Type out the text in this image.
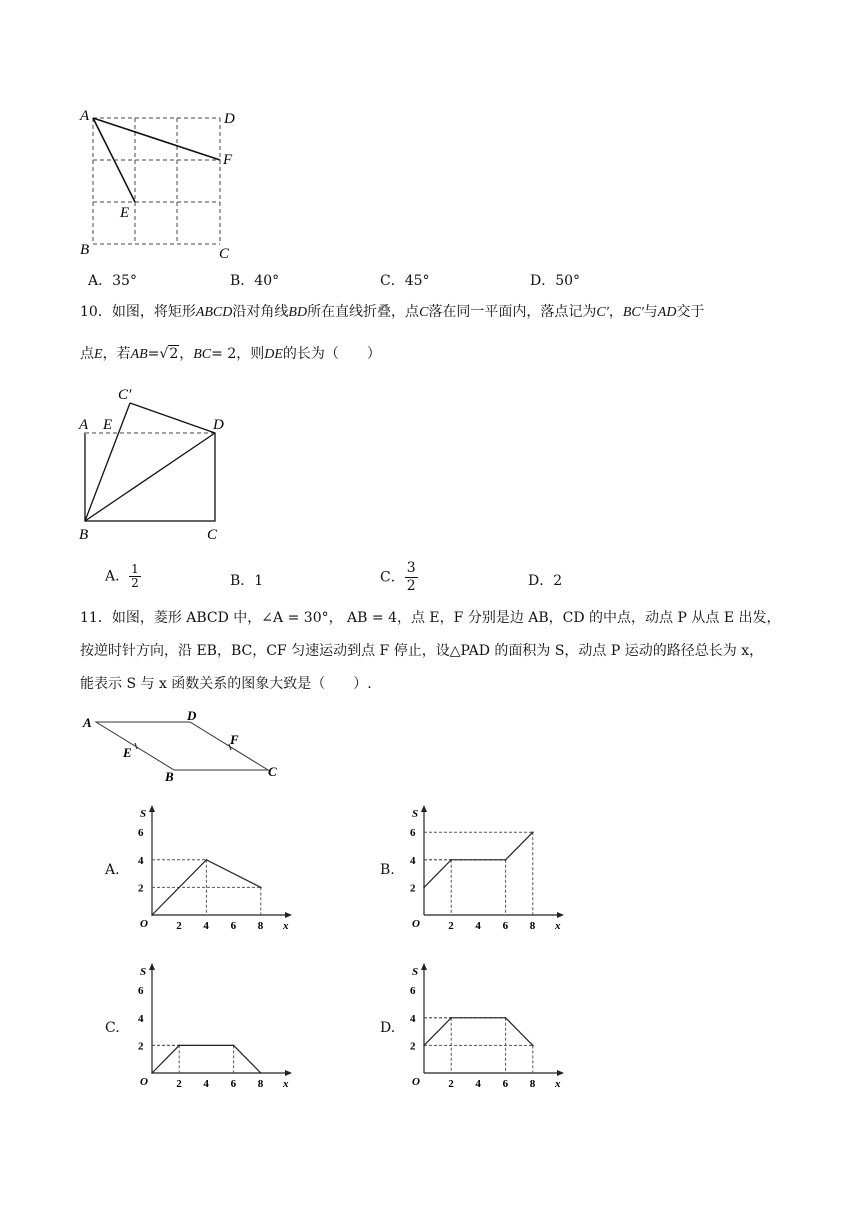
A	D
F
E
B	C
A．35°	B．40°	C．45°	D．50°
10．如图，将矩形ABCD沿对角线BD所在直线折叠，点C落在同一平面内，落点记为C′，BC′与AD交于
点E，若AB=√2，BC= 2，则DE的长为（　　）
C′
A E	D
B	C
A． $\frac{1}{2}$	B．1	C． $\frac{3}{2}$	D．2
11．如图，菱形 ABCD 中，∠A = 30°， AB = 4，点 E，F 分别是边 AB，CD 的中点，动点 P 从点 E 出发，
按逆时针方向，沿 EB，BC，CF 匀速运动到点 F 停止，设△PAD 的面积为 S，动点 P 运动的路径总长为 x，
能表示 S 与 x 函数关系的图象大致是（　　）.
A	D
F
E
B	C
A.	B.
C.	D.
S
x
O
2
4
6
2 4 6 8
S
x
O
2
4
6
2 4 6 8
S
x
O
2
4
6
2 4 6 8
S
x
O
2
4
6
2 4 6 8
